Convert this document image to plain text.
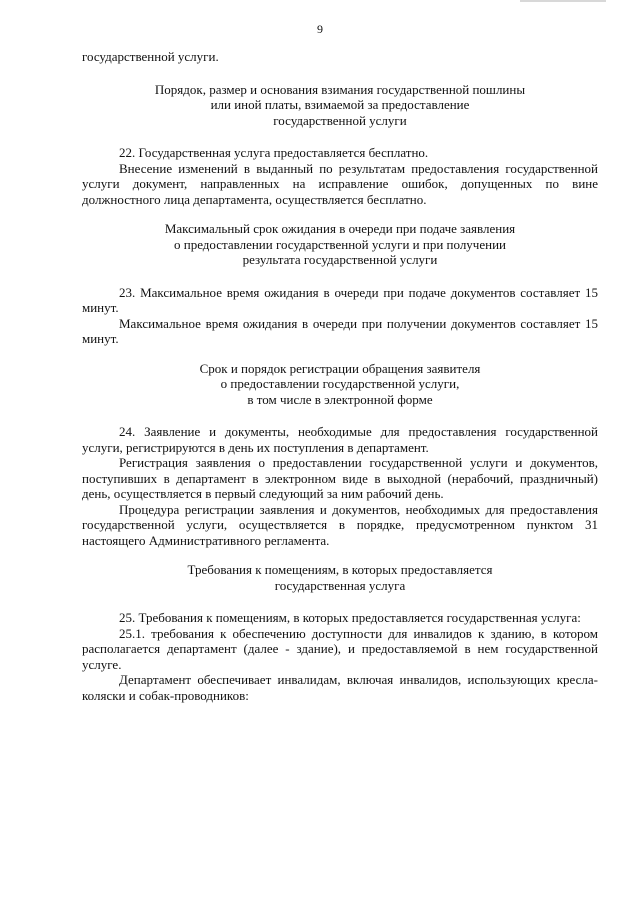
9

государственной услуги.

Порядок, размер и основания взимания государственной пошлины
или иной платы, взимаемой за предоставление
государственной услуги

22. Государственная услуга предоставляется бесплатно.

Внесение изменений в выданный по результатам предоставления государственной услуги документ, направленных на исправление ошибок, допущенных по вине должностного лица департамента, осуществляется бесплатно.

Максимальный срок ожидания в очереди при подаче заявления
о предоставлении государственной услуги и при получении
результата государственной услуги

23. Максимальное время ожидания в очереди при подаче документов составляет 15 минут.

Максимальное время ожидания в очереди при получении документов составляет 15 минут.

Срок и порядок регистрации обращения заявителя
о предоставлении государственной услуги,
в том числе в электронной форме

24. Заявление и документы, необходимые для предоставления государственной услуги, регистрируются в день их поступления в департамент.

Регистрация заявления о предоставлении государственной услуги и документов, поступивших в департамент в электронном виде в выходной (нерабочий, праздничный) день, осуществляется в первый следующий за ним рабочий день.

Процедура регистрации заявления и документов, необходимых для предоставления государственной услуги, осуществляется в порядке, предусмотренном пунктом 31 настоящего Административного регламента.

Требования к помещениям, в которых предоставляется
государственная услуга

25. Требования к помещениям, в которых предоставляется государственная услуга:

25.1. требования к обеспечению доступности для инвалидов к зданию, в котором располагается департамент (далее - здание), и предоставляемой в нем государственной услуге.

Департамент обеспечивает инвалидам, включая инвалидов, использующих кресла-коляски и собак-проводников:
